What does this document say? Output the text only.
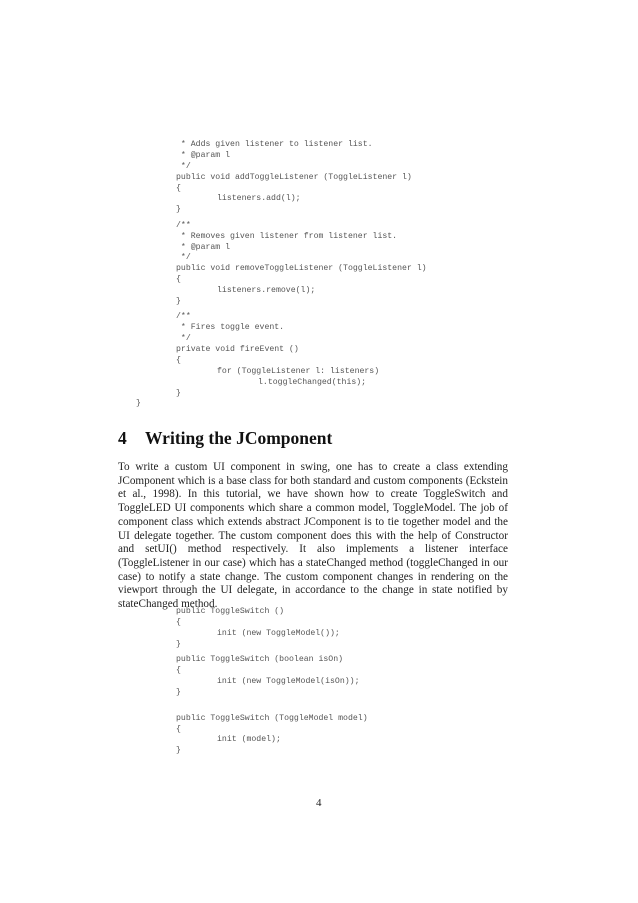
* Adds given listener to listener list.
* @param l
*/
public void addToggleListener (ToggleListener l)
{
listeners.add(l);
}
/**
* Removes given listener from listener list.
* @param l
*/
public void removeToggleListener (ToggleListener l)
{
listeners.remove(l);
}
/**
* Fires toggle event.
*/
private void fireEvent ()
{
for (ToggleListener l: listeners)
l.toggleChanged(this);
}
}
4 Writing the JComponent
To write a custom UI component in swing, one has to create a class extending JComponent which is a base class for both standard and custom components (Eckstein et al., 1998). In this tutorial, we have shown how to create ToggleSwitch and ToggleLED UI components which share a common model, ToggleModel. The job of component class which extends abstract JComponent is to tie together model and the UI delegate together. The custom component does this with the help of Constructor and setUI() method respectively. It also implements a listener interface (ToggleListener in our case) which has a stateChanged method (toggleChanged in our case) to notify a state change. The custom component changes in rendering on the viewport through the UI delegate, in accordance to the change in state notified by stateChanged method.
public ToggleSwitch ()
{
init (new ToggleModel());
}
public ToggleSwitch (boolean isOn)
{
init (new ToggleModel(isOn));
}
public ToggleSwitch (ToggleModel model)
{
init (model);
}
4
